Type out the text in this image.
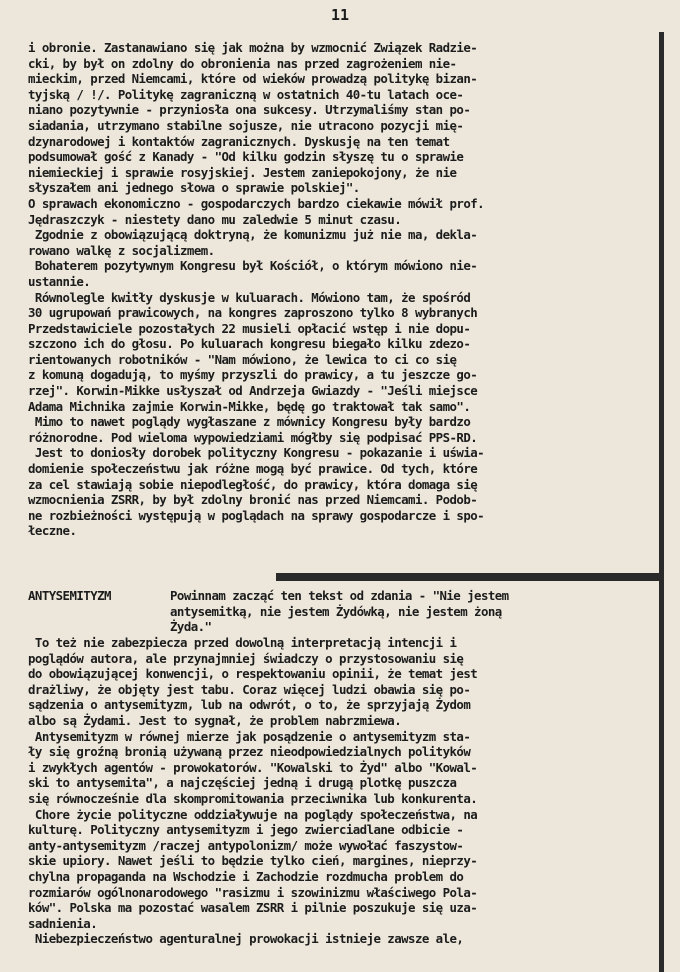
11
i obronie. Zastanawiano się jak można by wzmocnić Związek Radzie-
cki, by był on zdolny do obronienia nas przed zagrożeniem nie-
mieckim, przed Niemcami, które od wieków prowadzą politykę bizan-
tyjską / !/. Politykę zagraniczną w ostatnich 40-tu latach oce-
niano pozytywnie - przyniosła ona sukcesy. Utrzymaliśmy stan po-
siadania, utrzymano stabilne sojusze, nie utracono pozycji mię-
dzynarodowej i kontaktów zagranicznych. Dyskusję na ten temat
podsumował gość z Kanady - "Od kilku godzin słyszę tu o sprawie
niemieckiej i sprawie rosyjskiej. Jestem zaniepokojony, że nie
słyszałem ani jednego słowa o sprawie polskiej".
O sprawach ekonomiczno - gospodarczych bardzo ciekawie mówił prof.
Jędraszczyk - niestety dano mu zaledwie 5 minut czasu.
Zgodnie z obowiązującą doktryną, że komunizmu już nie ma, dekla-
rowano walkę z socjalizmem.
Bohaterem pozytywnym Kongresu był Kościół, o którym mówiono nie-
ustannie.
Równolegle kwitły dyskusje w kuluarach. Mówiono tam, że spośród
30 ugrupowań prawicowych, na kongres zaproszono tylko 8 wybranych
Przedstawiciele pozostałych 22 musieli opłacić wstęp i nie dopu-
szczono ich do głosu. Po kuluarach kongresu biegało kilku zdezo-
rientowanych robotników - "Nam mówiono, że lewica to ci co się
z komuną dogadują, to myśmy przyszli do prawicy, a tu jeszcze go-
rzej". Korwin-Mikke usłyszał od Andrzeja Gwiazdy - "Jeśli miejsce
Adama Michnika zajmie Korwin-Mikke, będę go traktował tak samo".
Mimo to nawet poglądy wygłaszane z mównicy Kongresu były bardzo
różnorodne. Pod wieloma wypowiedziami mógłby się podpisać PPS-RD.
Jest to doniosły dorobek polityczny Kongresu - pokazanie i uświa-
domienie społeczeństwu jak różne mogą być prawice. Od tych, które
za cel stawiają sobie niepodległość, do prawicy, która domaga się
wzmocnienia ZSRR, by był zdolny bronić nas przed Niemcami. Podob-
ne rozbieżności występują w poglądach na sprawy gospodarcze i spo-
łeczne.
ANTYSEMITYZM	Powinnam zacząć ten tekst od zdania - "Nie jestem
antysemitką, nie jestem Żydówką, nie jestem żoną
Żyda."
To też nie zabezpiecza przed dowolną interpretacją intencji i
poglądów autora, ale przynajmniej świadczy o przystosowaniu się
do obowiązującej konwencji, o respektowaniu opinii, że temat jest
drażliwy, że objęty jest tabu. Coraz więcej ludzi obawia się po-
sądzenia o antysemityzm, lub na odwrót, o to, że sprzyjają Żydom
albo są Żydami. Jest to sygnał, że problem nabrzmiewa.
Antysemityzm w równej mierze jak posądzenie o antysemityzm sta-
ły się groźną bronią używaną przez nieodpowiedzialnych polityków
i zwykłych agentów - prowokatorów. "Kowalski to Żyd" albo "Kowal-
ski to antysemita", a najczęściej jedną i drugą plotkę puszcza
się równocześnie dla skompromitowania przeciwnika lub konkurenta.
Chore życie polityczne oddziaływuje na poglądy społeczeństwa, na
kulturę. Polityczny antysemityzm i jego zwierciadlane odbicie -
anty-antysemityzm /raczej antypolonizm/ może wywołać faszystow-
skie upiory. Nawet jeśli to będzie tylko cień, margines, nieprzy-
chylna propaganda na Wschodzie i Zachodzie rozdmucha problem do
rozmiarów ogólnonarodowego "rasizmu i szowinizmu właściwego Pola-
ków". Polska ma pozostać wasalem ZSRR i pilnie poszukuje się uza-
sadnienia.
Niebezpieczeństwo agenturalnej prowokacji istnieje zawsze ale,
